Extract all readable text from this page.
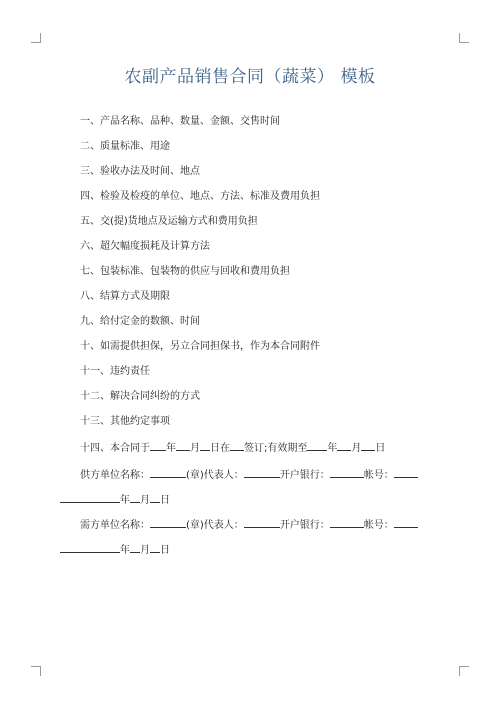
农副产品销售合同（蔬菜） 模板
一、产品名称、品种、数量、金额、交售时间
二、质量标准、用途
三、验收办法及时间、地点
四、检验及检疫的单位、地点、方法、标准及费用负担
五、交(提)货地点及运输方式和费用负担
六、超欠幅度损耗及计算方法
七、包装标准、包装物的供应与回收和费用负担
八、结算方式及期限
九、给付定金的数额、时间
十、如需提供担保，另立合同担保书，作为本合同附件
十一、违约责任
十二、解决合同纠纷的方式
十三、其他约定事项
十四、本合同于 年 月 日在 签订;有效期至 年 月 日
供方单位名称：	(章)代表人：	开户银行：	帐号：
年 月 日
需方单位名称：	(章)代表人：	开户银行：	帐号：
年 月 日
